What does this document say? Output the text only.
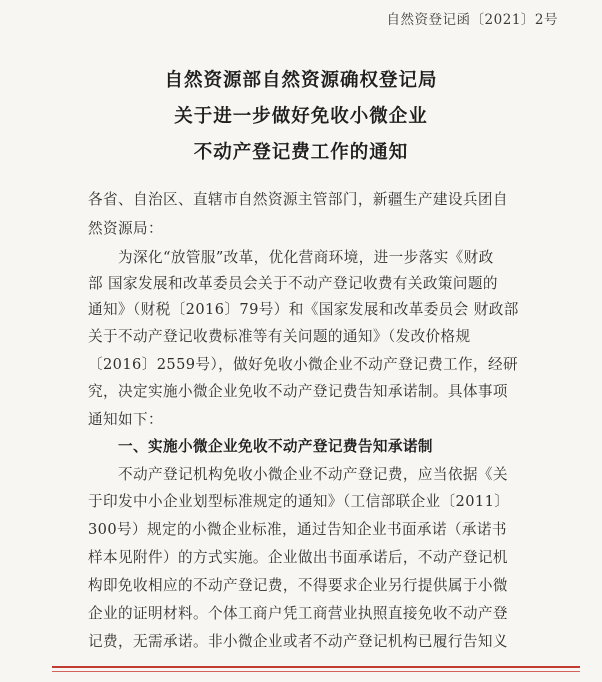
自然资登记函〔2021〕2号
自然资源部自然资源确权登记局
关于进一步做好免收小微企业
不动产登记费工作的通知
各省、自治区、直辖市自然资源主管部门，新疆生产建设兵团自
然资源局：
为深化“放管服”改革，优化营商环境，进一步落实《财政
部 国家发展和改革委员会关于不动产登记收费有关政策问题的
通知》（财税〔2016〕79号）和《国家发展和改革委员会 财政部
关于不动产登记收费标准等有关问题的通知》（发改价格规
〔2016〕2559号），做好免收小微企业不动产登记费工作，经研
究，决定实施小微企业免收不动产登记费告知承诺制。具体事项
通知如下：
一、实施小微企业免收不动产登记费告知承诺制
不动产登记机构免收小微企业不动产登记费，应当依据《关
于印发中小企业划型标准规定的通知》（工信部联企业〔2011〕
300号）规定的小微企业标准，通过告知企业书面承诺（承诺书
样本见附件）的方式实施。企业做出书面承诺后，不动产登记机
构即免收相应的不动产登记费，不得要求企业另行提供属于小微
企业的证明材料。个体工商户凭工商营业执照直接免收不动产登
记费，无需承诺。非小微企业或者不动产登记机构已履行告知义
